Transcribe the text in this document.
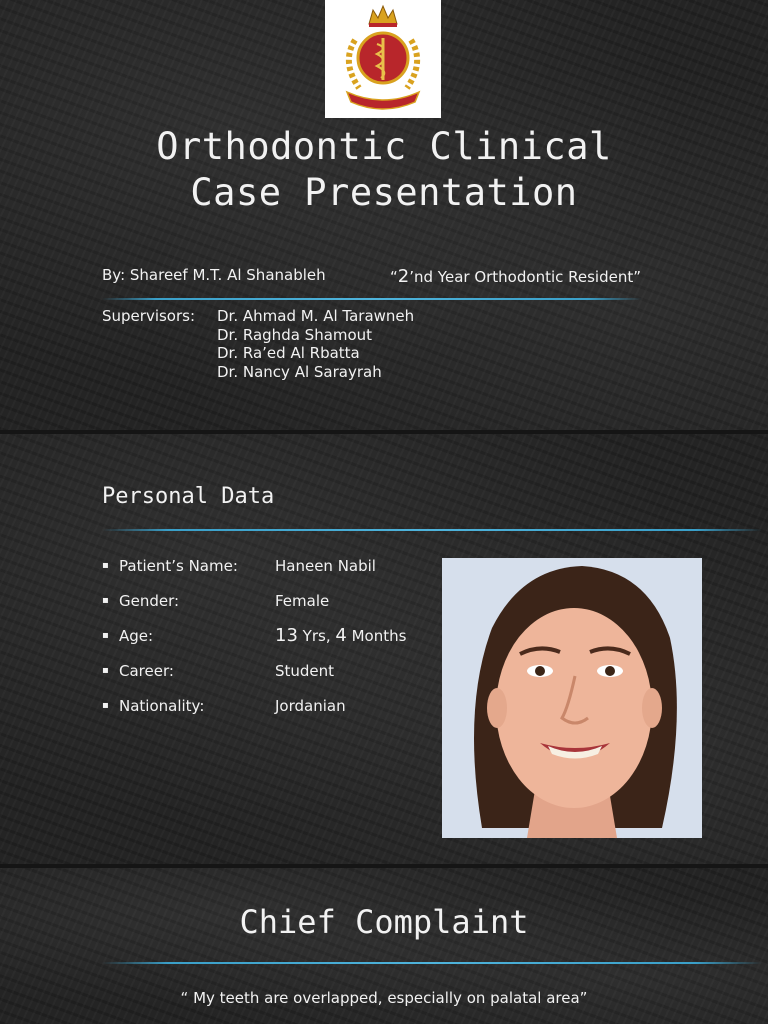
Orthodontic Clinical
Case Presentation
By: Shareef M.T. Al Shanableh	“2’nd Year Orthodontic Resident”
Supervisors: Dr. Ahmad M. Al Tarawneh
Dr. Raghda Shamout
Dr. Ra’ed Al Rbatta
Dr. Nancy Al Sarayrah
Personal Data
▪ Patient’s Name: Haneen Nabil
▪ Gender:	Female
▪ Age:	13 Yrs, 4 Months
▪ Career:	Student
▪ Nationality:	Jordanian
Chief Complaint
“ My teeth are overlapped, especially on palatal area”
